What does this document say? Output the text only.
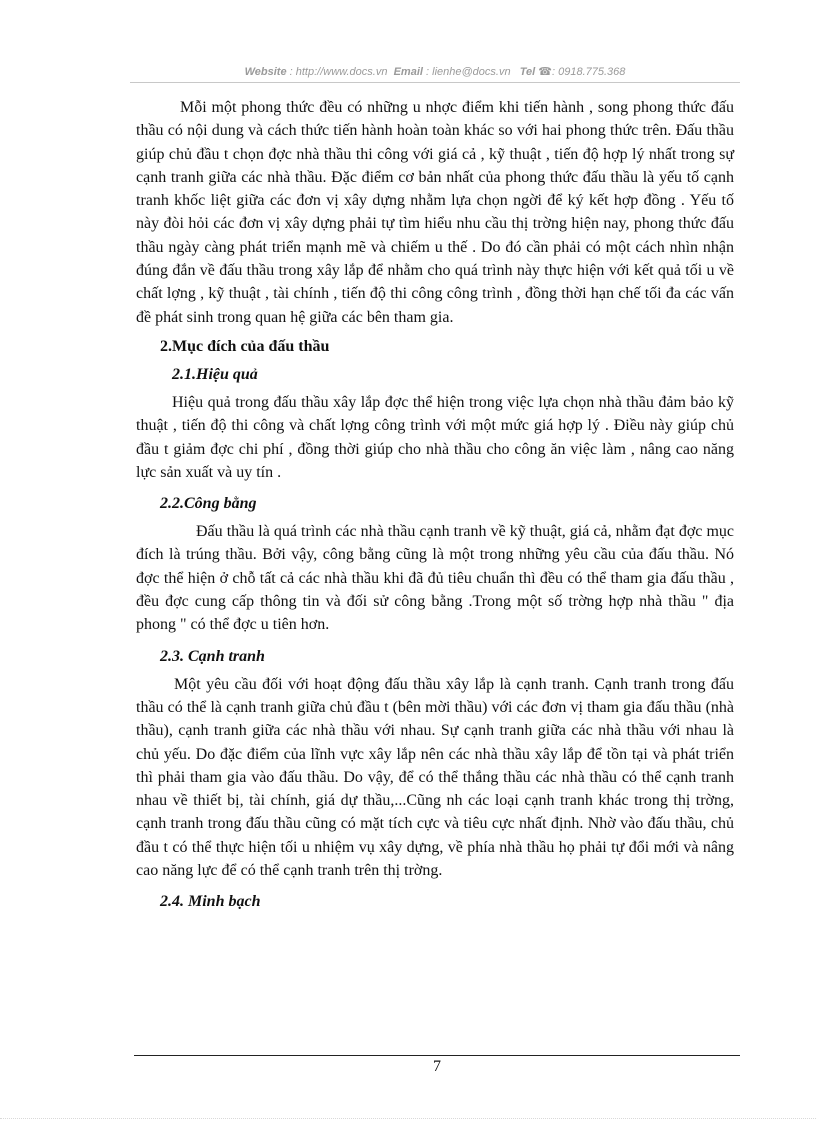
Website : http://www.docs.vn Email : lienhe@docs.vn Tel ☎: 0918.775.368

Mỗi một phong thức đều có những u nhợc điểm khi tiến hành , song phong thức đấu thầu có nội dung và cách thức tiến hành hoàn toàn khác so với hai phong thức trên. Đấu thầu giúp chủ đầu t chọn đợc nhà thầu thi công với giá cả , kỹ thuật , tiến độ hợp lý nhất trong sự cạnh tranh giữa các nhà thầu. Đặc điểm cơ bản nhất của phong thức đấu thầu là yếu tố cạnh tranh khốc liệt giữa các đơn vị xây dựng nhằm lựa chọn ngời để ký kết hợp đồng . Yếu tố này đòi hỏi các đơn vị xây dựng phải tự tìm hiểu nhu cầu thị trờng hiện nay, phong thức đấu thầu ngày càng phát triển mạnh mẽ và chiếm u thế . Do đó cần phải có một cách nhìn nhận đúng đắn về đấu thầu trong xây lắp để nhằm cho quá trình này thực hiện với kết quả tối u về chất lợng , kỹ thuật , tài chính , tiến độ thi công công trình , đồng thời hạn chế tối đa các vấn đề phát sinh trong quan hệ giữa các bên tham gia.

2.Mục đích của đấu thầu
2.1.Hiệu quả

Hiệu quả trong đấu thầu xây lắp đợc thể hiện trong việc lựa chọn nhà thầu đảm bảo kỹ thuật , tiến độ thi công và chất lợng công trình với một mức giá hợp lý . Điều này giúp chủ đầu t giảm đợc chi phí , đồng thời giúp cho nhà thầu cho công ăn việc làm , nâng cao năng lực sản xuất và uy tín .

2.2.Công bằng

Đấu thầu là quá trình các nhà thầu cạnh tranh về kỹ thuật, giá cả, nhằm đạt đợc mục đích là trúng thầu. Bởi vậy, công bằng cũng là một trong những yêu cầu của đấu thầu. Nó đợc thể hiện ở chỗ tất cả các nhà thầu khi đã đủ tiêu chuẩn thì đều có thể tham gia đấu thầu , đều đợc cung cấp thông tin và đối sử công bằng .Trong một số trờng hợp nhà thầu " địa phong " có thể đợc u tiên hơn.

2.3. Cạnh tranh

Một yêu cầu đối với hoạt động đấu thầu xây lắp là cạnh tranh. Cạnh tranh trong đấu thầu có thể là cạnh tranh giữa chủ đầu t (bên mời thầu) với các đơn vị tham gia đấu thầu (nhà thầu), cạnh tranh giữa các nhà thầu với nhau. Sự cạnh tranh giữa các nhà thầu với nhau là chủ yếu. Do đặc điểm của lĩnh vực xây lắp nên các nhà thầu xây lắp để tồn tại và phát triển thì phải tham gia vào đấu thầu. Do vậy, để có thể thắng thầu các nhà thầu có thể cạnh tranh nhau về thiết bị, tài chính, giá dự thầu,...Cũng nh các loại cạnh tranh khác trong thị trờng, cạnh tranh trong đấu thầu cũng có mặt tích cực và tiêu cực nhất định. Nhờ vào đấu thầu, chủ đầu t có thể thực hiện tối u nhiệm vụ xây dựng, về phía nhà thầu họ phải tự đổi mới và nâng cao năng lực để có thể cạnh tranh trên thị trờng.

2.4. Minh bạch
7
